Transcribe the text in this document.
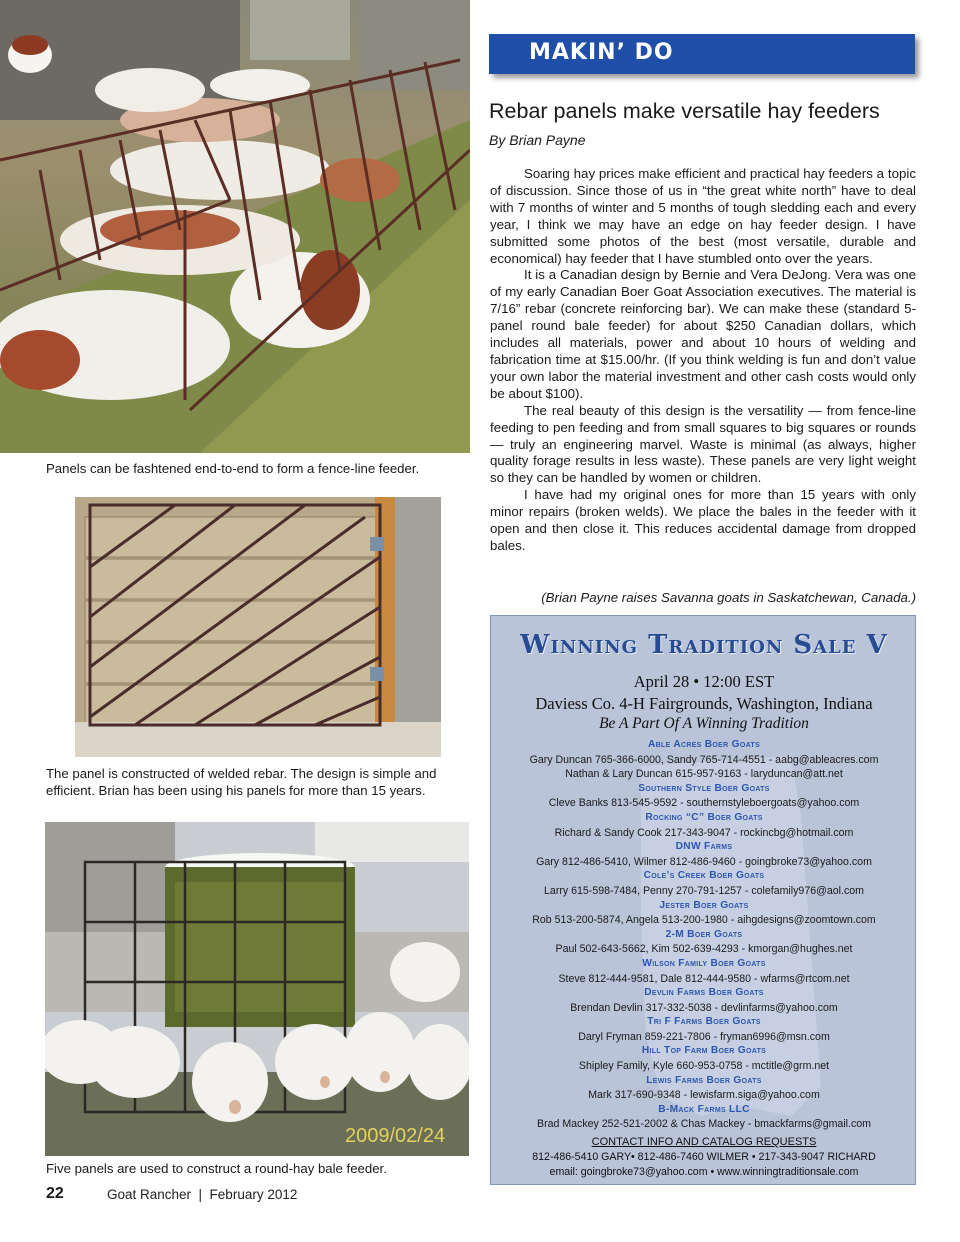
Panels can be fashtened end-to-end to form a fence-line feeder.
The panel is constructed of welded rebar. The design is simple and efficient. Brian has been using his panels for more than 15 years.
2009/02/24
Five panels are used to construct a round-hay bale feeder.
MAKIN’ DO
Rebar panels make versatile hay feeders
By Brian Payne

Soaring hay prices make efficient and practical hay feeders a topic of discussion. Since those of us in “the great white north” have to deal with 7 months of winter and 5 months of tough sledding each and every year, I think we may have an edge on hay feeder design. I have submitted some photos of the best (most versatile, durable and economical) hay feeder that I have stumbled onto over the years.

It is a Canadian design by Bernie and Vera DeJong. Vera was one of my early Canadian Boer Goat Association executives. The material is 7/16” rebar (concrete reinforcing bar). We can make these (standard 5-panel round bale feeder) for about $250 Canadian dollars, which includes all materials, power and about 10 hours of welding and fabrication time at $15.00/hr. (If you think welding is fun and don’t value your own labor the material investment and other cash costs would only be about $100).

The real beauty of this design is the versatility — from fence-line feeding to pen feeding and from small squares to big squares or rounds — truly an engineering marvel. Waste is minimal (as always, higher quality forage results in less waste). These panels are very light weight so they can be handled by women or children.

I have had my original ones for more than 15 years with only minor repairs (broken welds). We place the bales in the feeder with it open and then close it. This reduces accidental damage from dropped bales.

(Brian Payne raises Savanna goats in Saskatchewan, Canada.)
Winning Tradition Sale V
April 28 • 12:00 EST
Daviess Co. 4-H Fairgrounds, Washington, Indiana
Be A Part Of A Winning Tradition
Able Acres Boer Goats
Gary Duncan 765-366-6000, Sandy 765-714-4551 - aabg@ableacres.com
Nathan & Lary Duncan 615-957-9163 - laryduncan@att.net
Southern Style Boer Goats
Cleve Banks 813-545-9592 - southernstyleboergoats@yahoo.com
Rocking “C” Boer Goats
Richard & Sandy Cook 217-343-9047 - rockincbg@hotmail.com
DNW Farms
Gary 812-486-5410, Wilmer 812-486-9460 - goingbroke73@yahoo.com
Cole’s Creek Boer Goats
Larry 615-598-7484, Penny 270-791-1257 - colefamily976@aol.com
Jester Boer Goats
Rob 513-200-5874, Angela 513-200-1980 - aihgdesigns@zoomtown.com
2-M Boer Goats
Paul 502-643-5662, Kim 502-639-4293 - kmorgan@hughes.net
Wilson Family Boer Goats
Steve 812-444-9581, Dale 812-444-9580 - wfarms@rtcom.net
Devlin Farms Boer Goats
Brendan Devlin 317-332-5038 - devlinfarms@yahoo.com
Tri F Farms Boer Goats
Daryl Fryman 859-221-7806 - fryman6996@msn.com
Hill Top Farm Boer Goats
Shipley Family, Kyle 660-953-0758 - mctitle@grm.net
Lewis Farms Boer Goats
Mark 317-690-9348 - lewisfarm.siga@yahoo.com
B-Mack Farms LLC
Brad Mackey 252-521-2002 & Chas Mackey - bmackfarms@gmail.com
CONTACT INFO AND CATALOG REQUESTS
812-486-5410 GARY• 812-486-7460 WILMER • 217-343-9047 RICHARD
email: goingbroke73@yahoo.com • www.winningtraditionsale.com
22	Goat Rancher  |  February 2012
